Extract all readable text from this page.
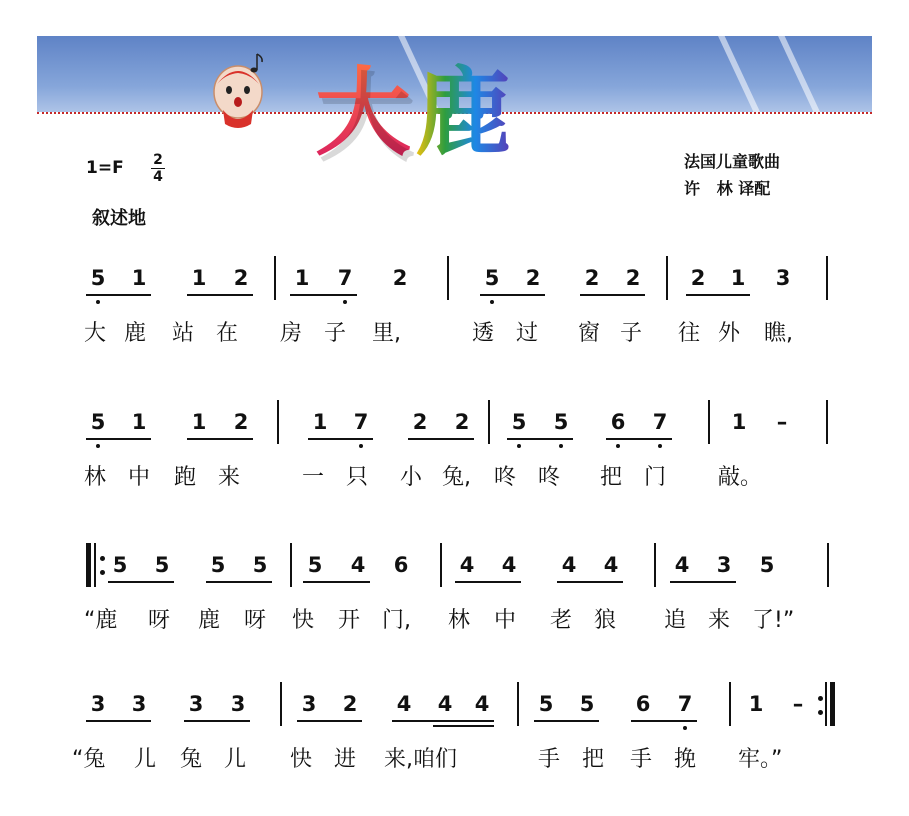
大鹿	法国儿童歌曲
许   林 译配
1=F 2
4
叙述地
5 1 1 2 1 7 2	5 2 2 2 2 1 3
大 鹿 站 在 房 子 里,	透 过 窗 子 往 外 瞧,
5 1 1 2	1 7 2 2 5 5 6 7	1	–
林 中 跑 来	一 只 小 兔, 咚 咚 把 门 敲。
5 5 5 5 5 4 6 4 4 4 4	4 3 5
“鹿 呀 鹿 呀 快 开 门, 林 中 老 狼 追 来 了!”
3 3 3 3	3 2 4 4 4 5 5 6 7	1	–
“兔 儿 兔 儿 快 进 来,咱们	手 把 手 挽 牢。”
